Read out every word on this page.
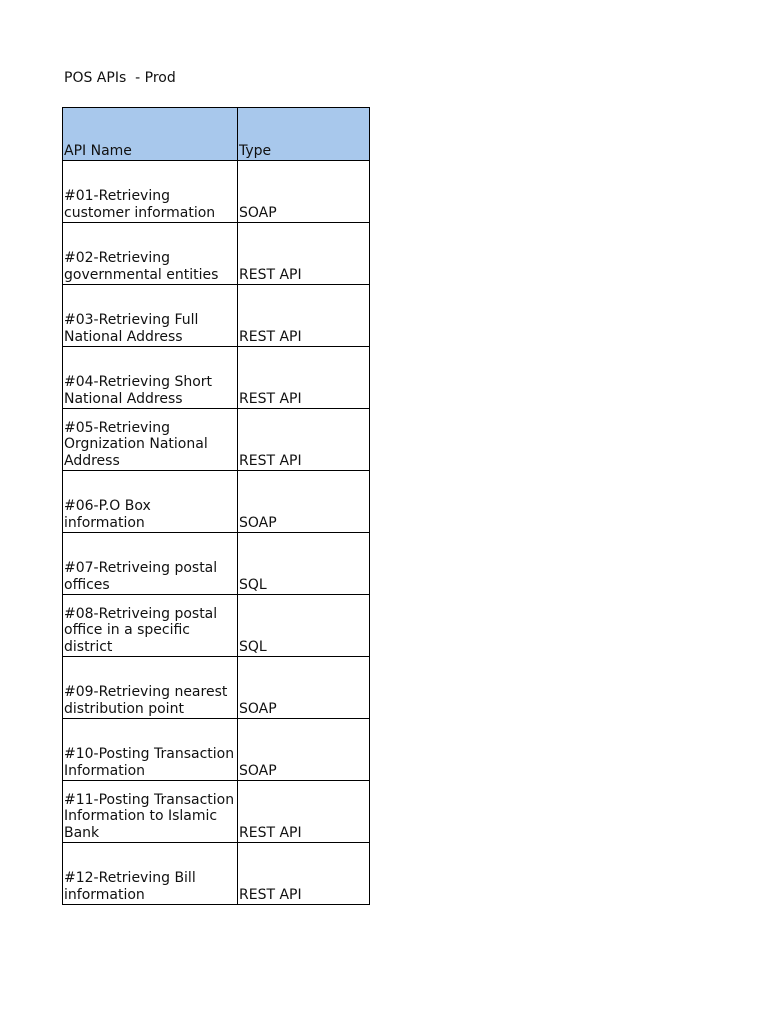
POS APIs  - Prod
API Name	Type

#01-Retrieving
customer information	SOAP

#02-Retrieving
governmental entities	REST API

#03-Retrieving Full
National Address	REST API

#04-Retrieving Short
National Address	REST API

#05-Retrieving
Orgnization National
Address	REST API

#06-P.O Box
information	SOAP

#07-Retriveing postal
offices	SQL

#08-Retriveing postal
office in a specific
district	SQL

#09-Retrieving nearest
distribution point	SOAP

#10-Posting Transaction
Information	SOAP

#11-Posting Transaction
Information to Islamic
Bank	REST API

#12-Retrieving Bill
information	REST API
